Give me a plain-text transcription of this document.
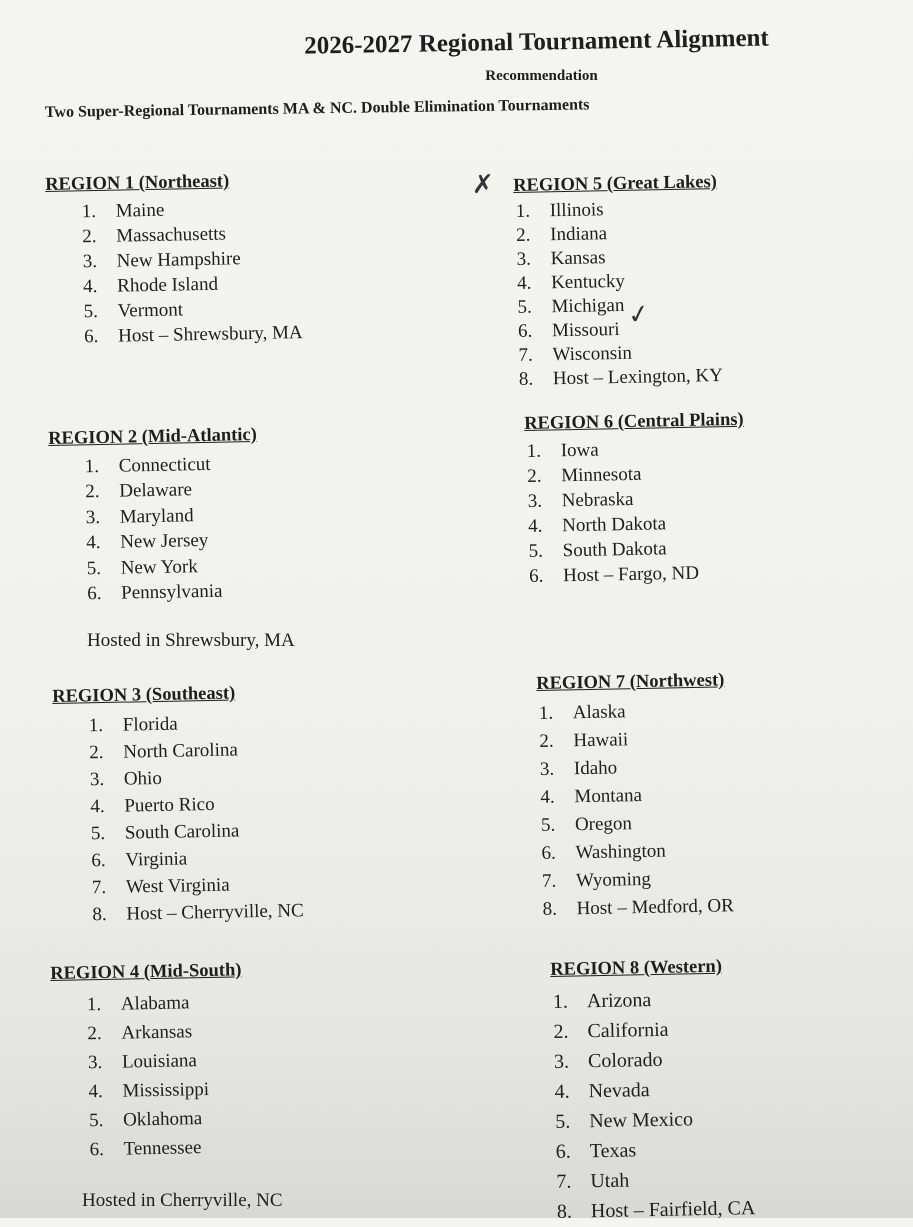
2026-2027 Regional Tournament Alignment
Recommendation
Two Super-Regional Tournaments MA & NC. Double Elimination Tournaments
✗
✓
REGION 1 (Northeast)
1.	Maine
2.	Massachusetts
3.	New Hampshire
4.	Rhode Island
5.	Vermont
6.	Host – Shrewsbury, MA
REGION 2 (Mid-Atlantic)
1.	Connecticut
2.	Delaware
3.	Maryland
4.	New Jersey
5.	New York
6.	Pennsylvania
Hosted in Shrewsbury, MA
REGION 3 (Southeast)
1.	Florida
2.	North Carolina
3.	Ohio
4.	Puerto Rico
5.	South Carolina
6.	Virginia
7.	West Virginia
8.	Host – Cherryville, NC
REGION 4 (Mid-South)
1.	Alabama
2.	Arkansas
3.	Louisiana
4.	Mississippi
5.	Oklahoma
6.	Tennessee
Hosted in Cherryville, NC
REGION 5 (Great Lakes)
1.	Illinois
2.	Indiana
3.	Kansas
4.	Kentucky
5.	Michigan
6.	Missouri
7.	Wisconsin
8.	Host – Lexington, KY
REGION 6 (Central Plains)
1.	Iowa
2.	Minnesota
3.	Nebraska
4.	North Dakota
5.	South Dakota
6.	Host – Fargo, ND
REGION 7 (Northwest)
1.	Alaska
2.	Hawaii
3.	Idaho
4.	Montana
5.	Oregon
6.	Washington
7.	Wyoming
8.	Host – Medford, OR
REGION 8 (Western)
1. Arizona
2. California
3. Colorado
4. Nevada
5. New Mexico
6. Texas
7. Utah
8. Host – Fairfield, CA
